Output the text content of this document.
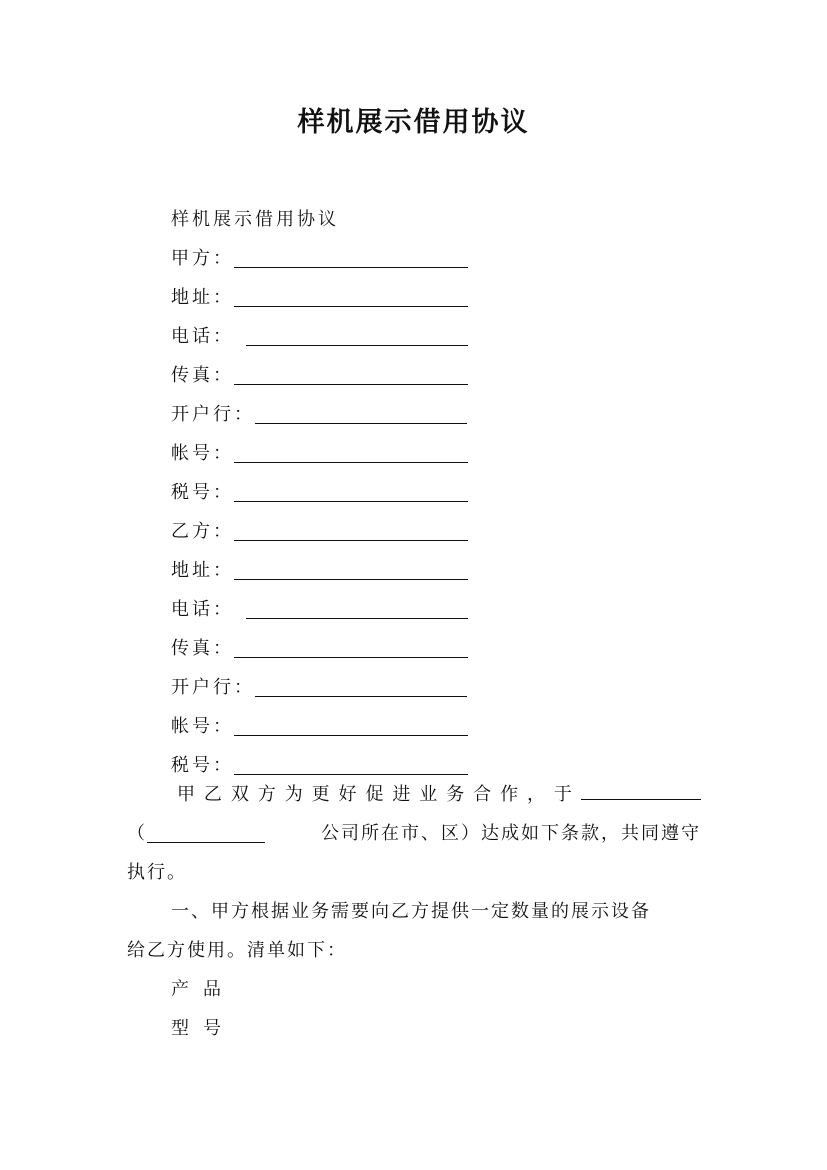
样机展示借用协议
样机展示借用协议
甲方：
地址：
电话：
传真：
开户行：
帐号：
税号：
乙方：
地址：
电话：
传真：
开户行：
帐号：
税号：
甲 乙 双 方 为 更 好 促 进 业 务 合 作 ， 于
（	公司所在市、区）达成如下条款，共同遵守
执行。
一、甲方根据业务需要向乙方提供一定数量的展示设备
给乙方使用。清单如下：
产品
型号
